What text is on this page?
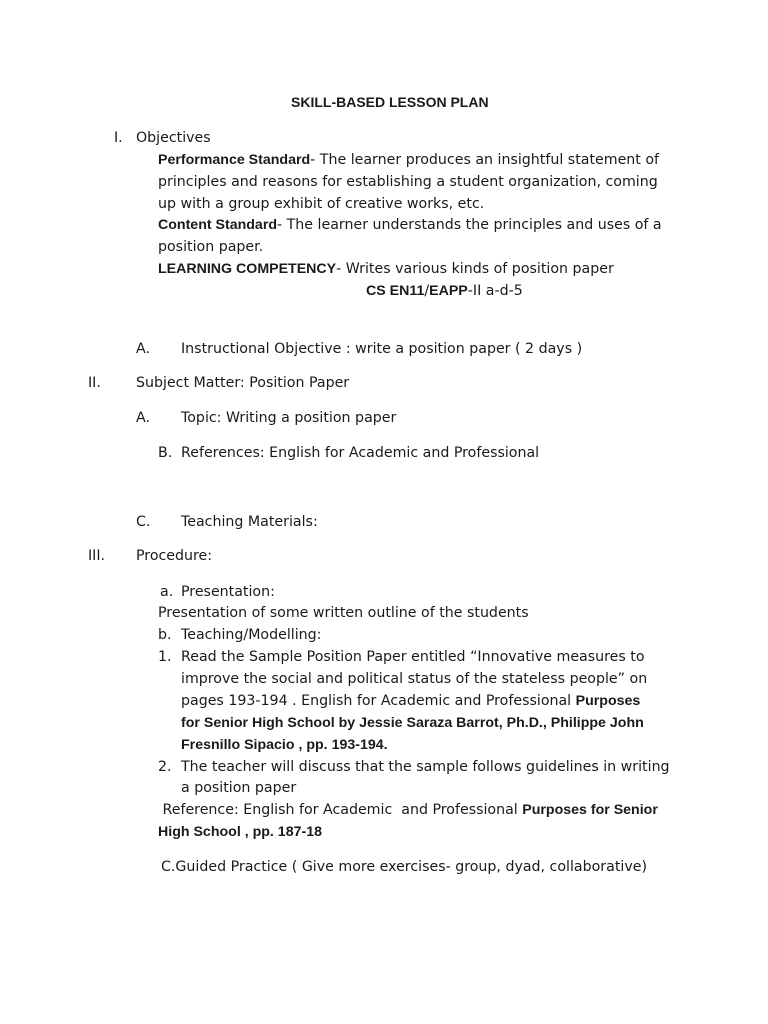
SKILL-BASED LESSON PLAN
I. Objectives
Performance Standard- The learner produces an insightful statement of
principles and reasons for establishing a student organization, coming
up with a group exhibit of creative works, etc.
Content Standard- The learner understands the principles and uses of a
position paper.
LEARNING COMPETENCY- Writes various kinds of position paper
CS EN11/EAPP-II a-d-5
A. Instructional Objective : write a position paper ( 2 days )
II. Subject Matter: Position Paper
A. Topic: Writing a position paper
B. References: English for Academic and Professional
C. Teaching Materials:
III. Procedure:
a. Presentation:
Presentation of some written outline of the students
b. Teaching/Modelling:
1. Read the Sample Position Paper entitled “Innovative measures to
improve the social and political status of the stateless people” on
pages 193-194 . English for Academic and Professional Purposes
for Senior High School by Jessie Saraza Barrot, Ph.D., Philippe John
Fresnillo Sipacio , pp. 193-194.
2. The teacher will discuss that the sample follows guidelines in writing
a position paper
Reference: English for Academic  and Professional Purposes for Senior
High School , pp. 187-18
C.Guided Practice ( Give more exercises- group, dyad, collaborative)
